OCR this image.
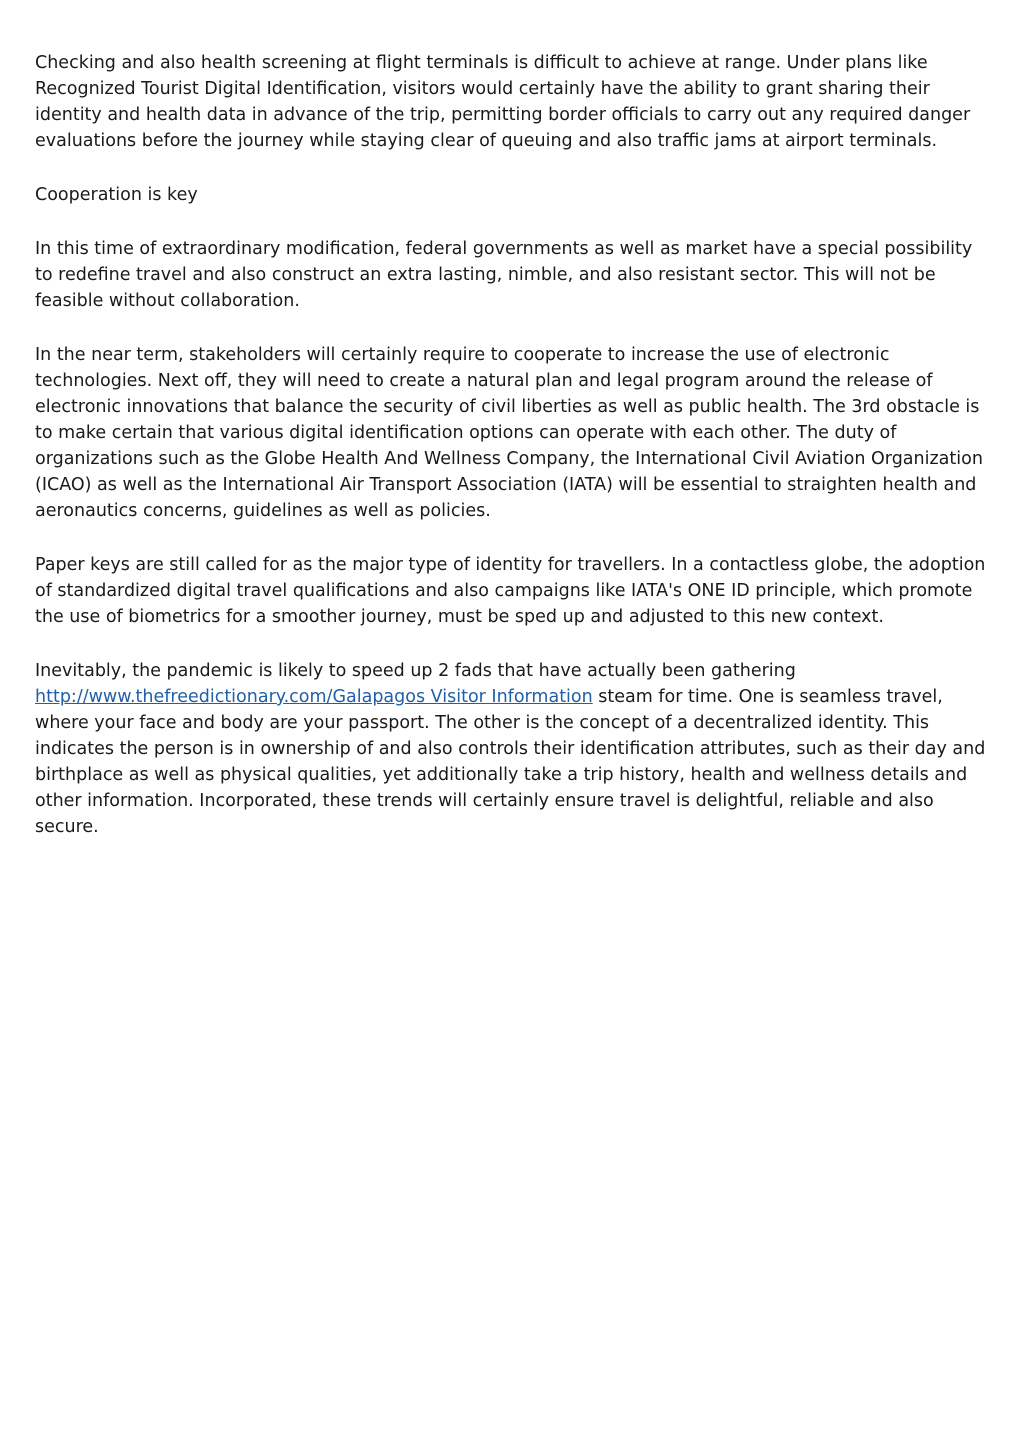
Checking and also health screening at flight terminals is difficult to achieve at range. Under plans like Recognized Tourist Digital Identification, visitors would certainly have the ability to grant sharing their identity and health data in advance of the trip, permitting border officials to carry out any required danger evaluations before the journey while staying clear of queuing and also traffic jams at airport terminals.

Cooperation is key

In this time of extraordinary modification, federal governments as well as market have a special possibility to redefine travel and also construct an extra lasting, nimble, and also resistant sector. This will not be feasible without collaboration.

In the near term, stakeholders will certainly require to cooperate to increase the use of electronic technologies. Next off, they will need to create a natural plan and legal program around the release of electronic innovations that balance the security of civil liberties as well as public health. The 3rd obstacle is to make certain that various digital identification options can operate with each other. The duty of organizations such as the Globe Health And Wellness Company, the International Civil Aviation Organization (ICAO) as well as the International Air Transport Association (IATA) will be essential to straighten health and aeronautics concerns, guidelines as well as policies.

Paper keys are still called for as the major type of identity for travellers. In a contactless globe, the adoption of standardized digital travel qualifications and also campaigns like IATA's ONE ID principle, which promote the use of biometrics for a smoother journey, must be sped up and adjusted to this new context.

Inevitably, the pandemic is likely to speed up 2 fads that have actually been gathering http://www.thefreedictionary.com/Galapagos Visitor Information steam for time. One is seamless travel, where your face and body are your passport. The other is the concept of a decentralized identity. This indicates the person is in ownership of and also controls their identification attributes, such as their day and birthplace as well as physical qualities, yet additionally take a trip history, health and wellness details and other information. Incorporated, these trends will certainly ensure travel is delightful, reliable and also secure.
